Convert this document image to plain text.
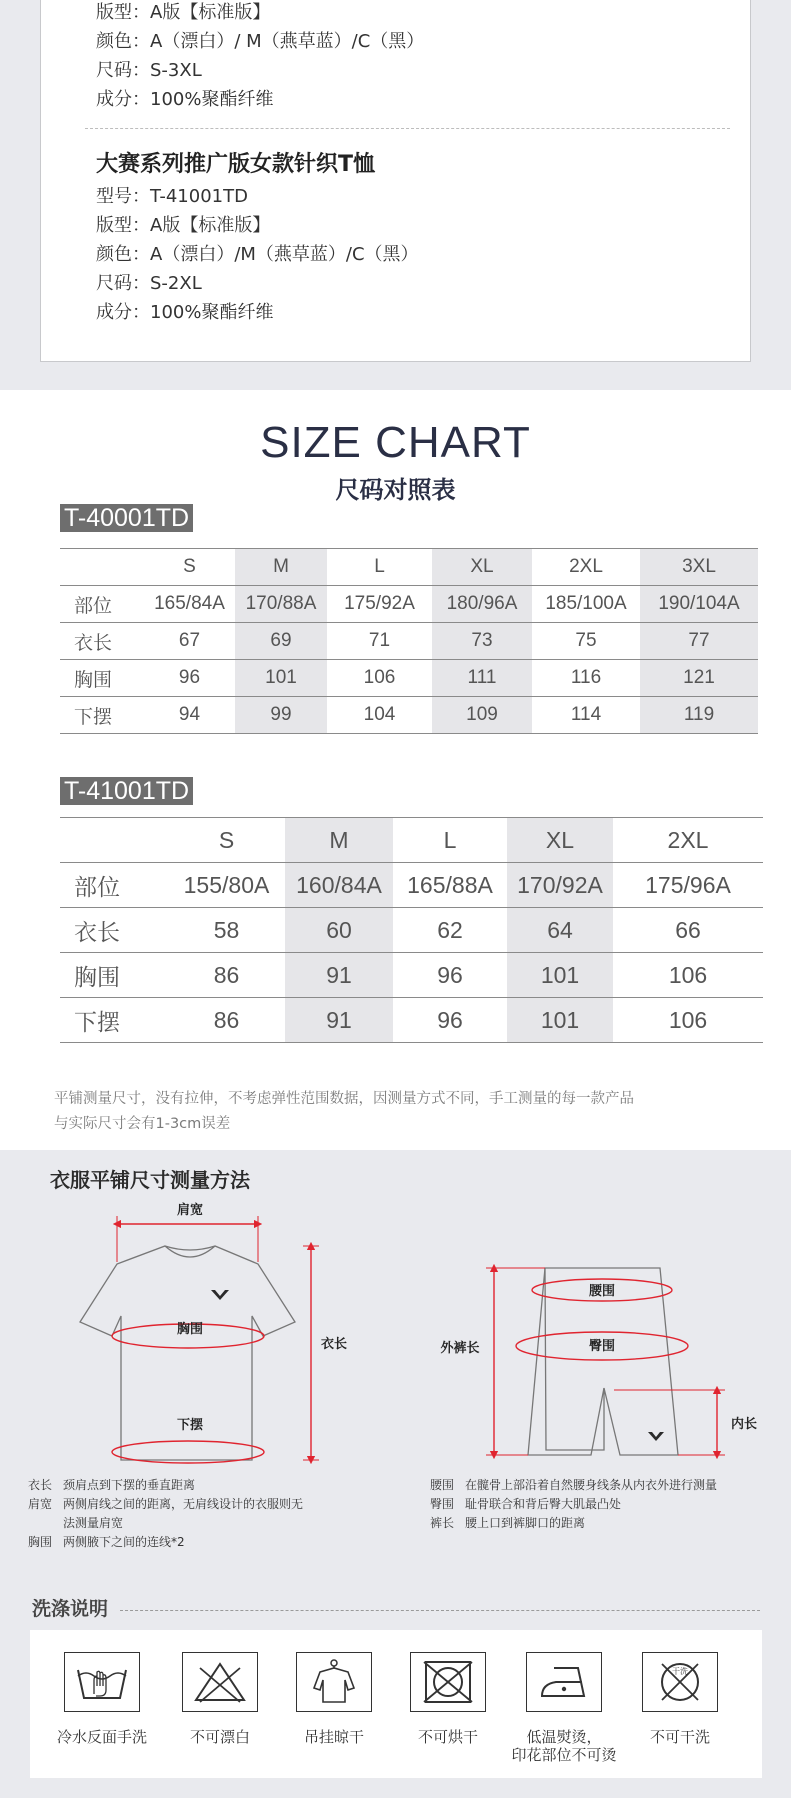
版型：A版【标准版】
颜色：A（漂白）/ M（燕草蓝）/C（黑）
尺码：S-3XL
成分：100%聚酯纤维
大赛系列推广版女款针织T恤
型号：T-41001TD
版型：A版【标准版】
颜色：A（漂白）/M（燕草蓝）/C（黑）
尺码：S-2XL
成分：100%聚酯纤维
SIZE CHART
尺码对照表
T-40001TD
	S	M	L	XL	2XL	3XL
部位	165/84A	170/88A	175/92A	180/96A	185/100A	190/104A
衣长	67	69	71	73	75	77
胸围	96	101	106	111	116	121
下摆	94	99	104	109	114	119
T-41001TD
	S	M	L	XL	2XL
部位	155/80A	160/84A	165/88A	170/92A	175/96A
衣长	58	60	62	64	66
胸围	86	91	96	101	106
下摆	86	91	96	101	106
平铺测量尺寸，没有拉伸，不考虑弹性范围数据，因测量方式不同，手工测量的每一款产品
与实际尺寸会有1-3cm误差
衣服平铺尺寸测量方法
肩宽
胸围
下摆
衣长
腰围
臀围
外裤长
内长
衣长 颈肩点到下摆的垂直距离
肩宽 两侧肩线之间的距离，无肩线设计的衣服则无法测量肩宽
胸围 两侧腋下之间的连线*2
腰围 在髋骨上部沿着自然腰身线条从内衣外进行测量
臀围 耻骨联合和背后臀大肌最凸处
裤长 腰上口到裤脚口的距离
洗涤说明
冷水反面手洗	不可漂白	吊挂晾干	不可烘干	低温熨烫，
印花部位不可烫
干洗
不可干洗
